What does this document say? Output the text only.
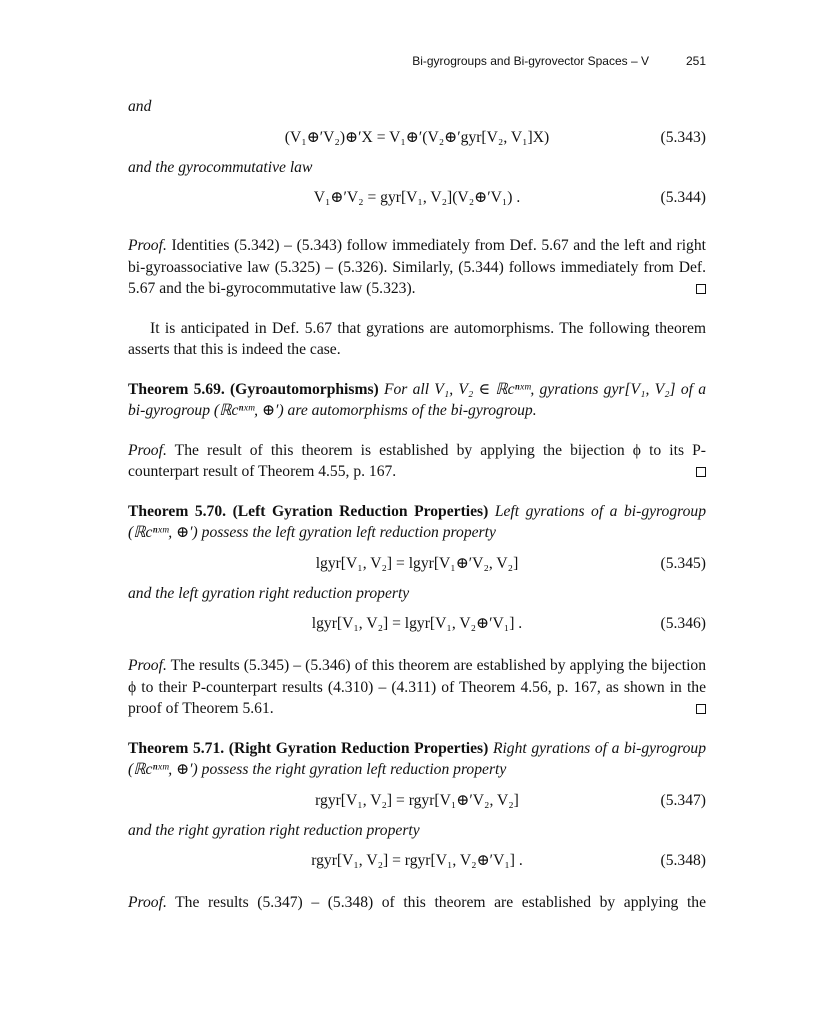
Bi-gyrogroups and Bi-gyrovector Spaces – V	251

and

(V₁⊕′V₂)⊕′X = V₁⊕′(V₂⊕′gyr[V₂, V₁]X)	(5.343)

and the gyrocommutative law

V₁⊕′V₂ = gyr[V₁, V₂](V₂⊕′V₁) .	(5.344)

Proof. Identities (5.342) – (5.343) follow immediately from Def. 5.67 and the left and right bi-gyroassociative law (5.325) – (5.326). Similarly, (5.344) follows immediately from Def. 5.67 and the bi-gyrocommutative law (5.323).

It is anticipated in Def. 5.67 that gyrations are automorphisms. The following theorem asserts that this is indeed the case.

Theorem 5.69. (Gyroautomorphisms) For all V₁, V₂ ∈ ℝcⁿˣᵐ, gyrations gyr[V₁, V₂] of a bi-gyrogroup (ℝcⁿˣᵐ, ⊕′) are automorphisms of the bi-gyrogroup.

Proof. The result of this theorem is established by applying the bijection ϕ to its P-counterpart result of Theorem 4.55, p. 167.

Theorem 5.70. (Left Gyration Reduction Properties) Left gyrations of a bi-gyrogroup (ℝcⁿˣᵐ, ⊕′) possess the left gyration left reduction property

lgyr[V₁, V₂] = lgyr[V₁⊕′V₂, V₂]	(5.345)

and the left gyration right reduction property

lgyr[V₁, V₂] = lgyr[V₁, V₂⊕′V₁] .	(5.346)

Proof. The results (5.345) – (5.346) of this theorem are established by applying the bijection ϕ to their P-counterpart results (4.310) – (4.311) of Theorem 4.56, p. 167, as shown in the proof of Theorem 5.61.

Theorem 5.71. (Right Gyration Reduction Properties) Right gyrations of a bi-gyrogroup (ℝcⁿˣᵐ, ⊕′) possess the right gyration left reduction property

rgyr[V₁, V₂] = rgyr[V₁⊕′V₂, V₂]	(5.347)

and the right gyration right reduction property

rgyr[V₁, V₂] = rgyr[V₁, V₂⊕′V₁] .	(5.348)

Proof. The results (5.347) – (5.348) of this theorem are established by applying the
